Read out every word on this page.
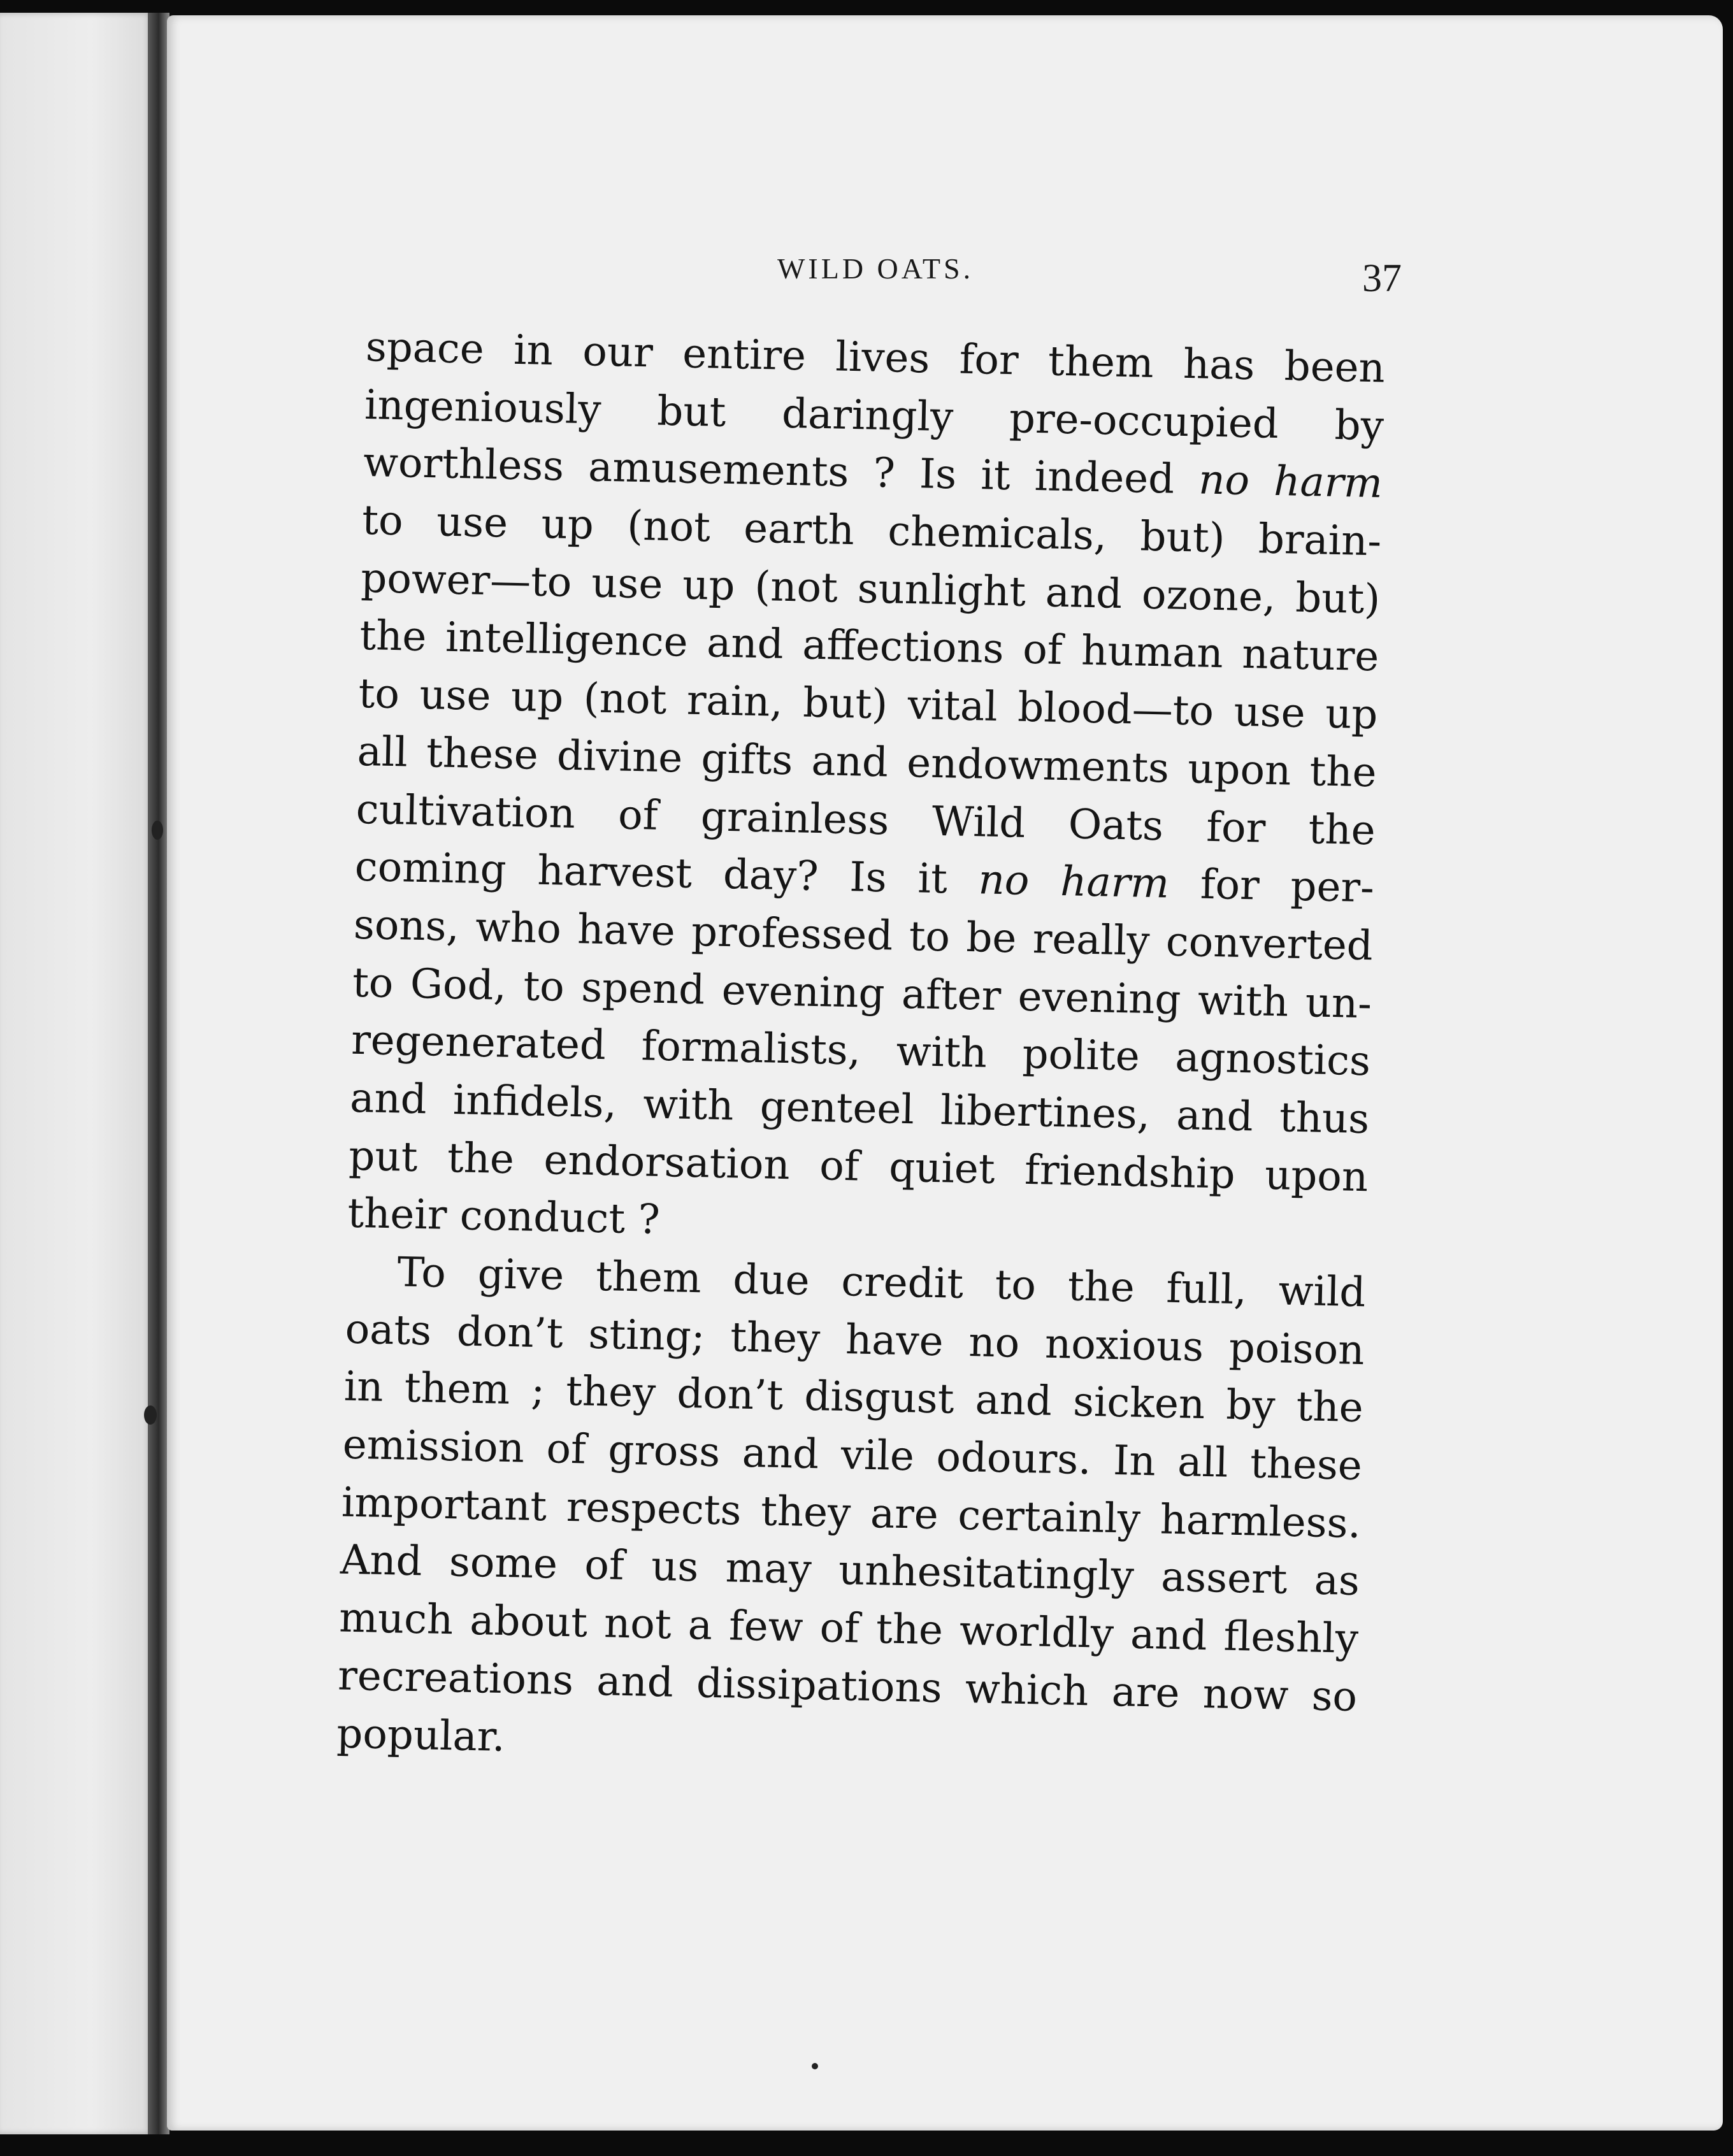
WILD OATS.	37
space in our entire lives for them has been
ingeniously but daringly pre-occupied by
worthless amusements ? Is it indeed no harm
to use up (not earth chemicals, but) brain-
power—to use up (not sunlight and ozone, but)
the intelligence and affections of human nature
to use up (not rain, but) vital blood—to use up
all these divine gifts and endowments upon the
cultivation of grainless Wild Oats for the
coming harvest day? Is it no harm for per-
sons, who have professed to be really converted
to God, to spend evening after evening with un-
regenerated formalists, with polite agnostics
and infidels, with genteel libertines, and thus
put the endorsation of quiet friendship upon
their conduct ?
To give them due credit to the full, wild
oats don’t sting; they have no noxious poison
in them ; they don’t disgust and sicken by the
emission of gross and vile odours. In all these
important respects they are certainly harmless.
And some of us may unhesitatingly assert as
much about not a few of the worldly and fleshly
recreations and dissipations which are now so
popular.
